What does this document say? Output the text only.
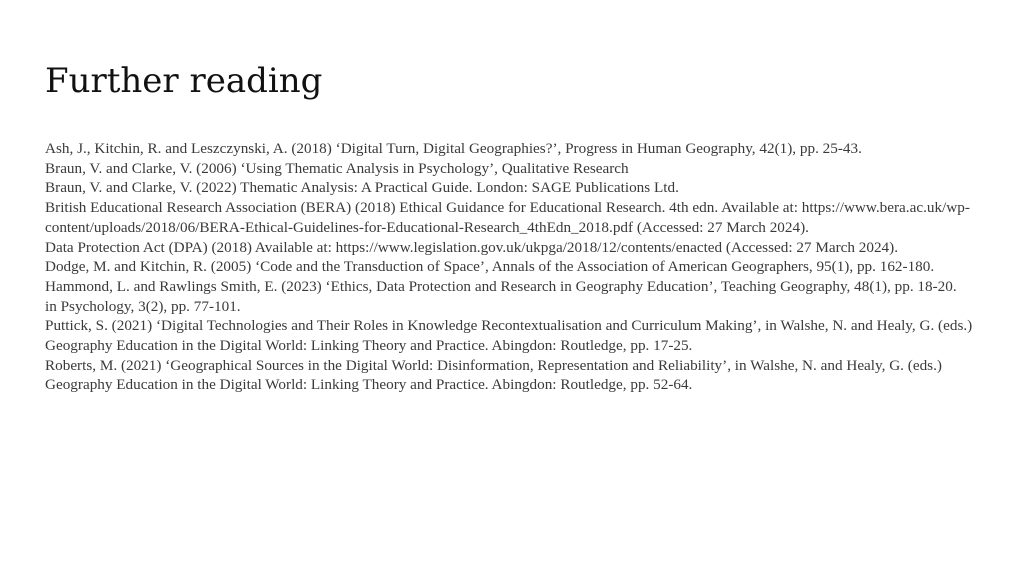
Further reading
Ash, J., Kitchin, R. and Leszczynski, A. (2018) ‘Digital Turn, Digital Geographies?’, Progress in Human Geography, 42(1), pp. 25-43.
Braun, V. and Clarke, V. (2006) ‘Using Thematic Analysis in Psychology’, Qualitative Research
Braun, V. and Clarke, V. (2022) Thematic Analysis: A Practical Guide. London: SAGE Publications Ltd.
British Educational Research Association (BERA) (2018) Ethical Guidance for Educational Research. 4th edn. Available at: https://www.bera.ac.uk/wp-content/uploads/2018/06/BERA-Ethical-Guidelines-for-Educational-Research_4thEdn_2018.pdf (Accessed: 27 March 2024).
Data Protection Act (DPA) (2018) Available at: https://www.legislation.gov.uk/ukpga/2018/12/contents/enacted (Accessed: 27 March 2024).
Dodge, M. and Kitchin, R. (2005) ‘Code and the Transduction of Space’, Annals of the Association of American Geographers, 95(1), pp. 162-180.
Hammond, L. and Rawlings Smith, E. (2023) ‘Ethics, Data Protection and Research in Geography Education’, Teaching Geography, 48(1), pp. 18-20.
in Psychology, 3(2), pp. 77-101.
Puttick, S. (2021) ‘Digital Technologies and Their Roles in Knowledge Recontextualisation and Curriculum Making’, in Walshe, N. and Healy, G. (eds.) Geography Education in the Digital World: Linking Theory and Practice. Abingdon: Routledge, pp. 17-25.
Roberts, M. (2021) ‘Geographical Sources in the Digital World: Disinformation, Representation and Reliability’, in Walshe, N. and Healy, G. (eds.) Geography Education in the Digital World: Linking Theory and Practice. Abingdon: Routledge, pp. 52-64.
